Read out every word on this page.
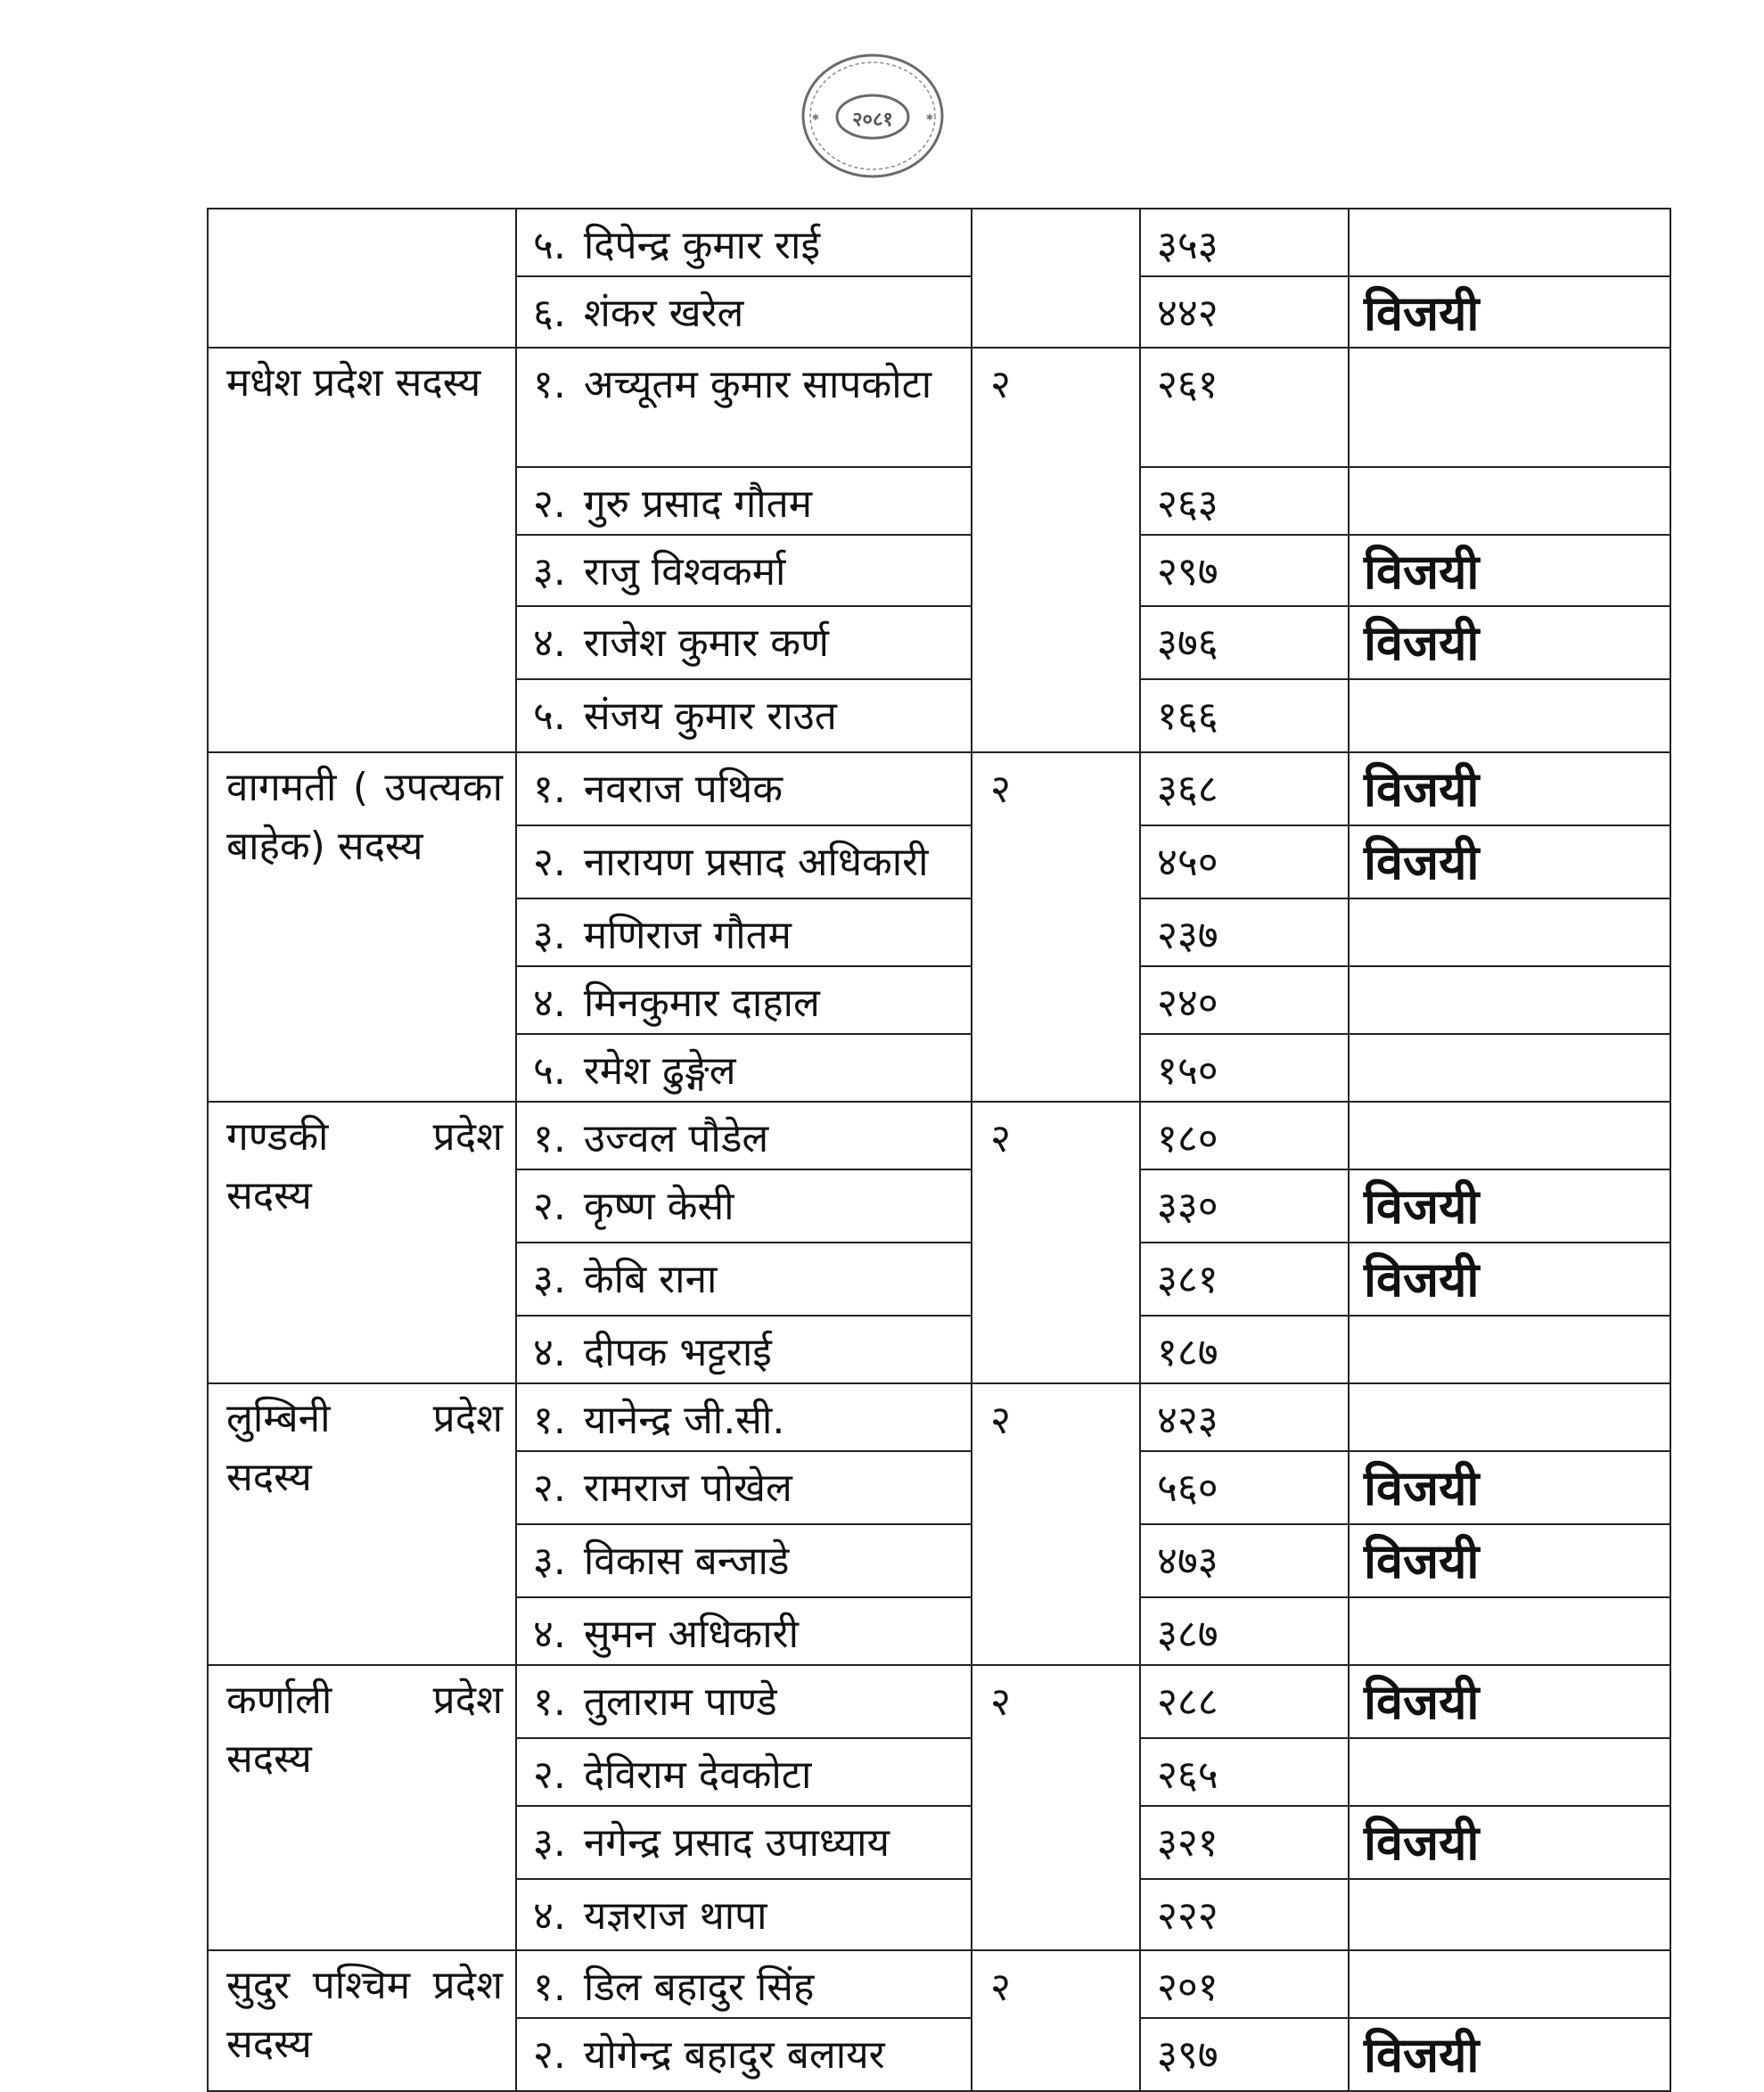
२०८१
✱	✱
	५. दिपेन्द्र कुमार राई		३५३	
	६. शंकर खरेल		४४२	विजयी

मधेश प्रदेश सदस्य	१. अच्यूतम कुमार सापकोटा	२	२६१	
	२. गुरु प्रसाद गौतम		२६३	
	३. राजु विश्वकर्मा		२९७	विजयी
	४. राजेश कुमार कर्ण		३७६	विजयी
	५. संजय कुमार राउत		१६६	

वागमती ( उपत्यका बाहेक) सदस्य	१. नवराज पथिक	२	३६८	विजयी
	२. नारायण प्रसाद अधिकारी		४५०	विजयी
	३. मणिराज गौतम		२३७	
	४. मिनकुमार दाहाल		२४०	
	५. रमेश ढुङ्गेल		१५०	

गण्डकी प्रदेश सदस्य	१. उज्वल पौडेल	२	१८०	
	२. कृष्ण केसी		३३०	विजयी
	३. केबि राना		३८१	विजयी
	४. दीपक भट्टराई		१८७	

लुम्बिनी प्रदेश सदस्य	१. यानेन्द्र जी.सी.	२	४२३	
	२. रामराज पोखेल		५६०	विजयी
	३. विकास बन्जाडे		४७३	विजयी
	४. सुमन अधिकारी		३८७	

कर्णाली प्रदेश सदस्य	१. तुलाराम पाण्डे	२	२८८	विजयी
	२. देविराम देवकोटा		२६५	
	३. नगेन्द्र प्रसाद उपाध्याय		३२१	विजयी
	४. यज्ञराज थापा		२२२	

सुदुर पश्चिम प्रदेश सदस्य	१. डिल बहादुर सिंह	२	२०१	
	२. योगेन्द्र बहादुर बलायर		३९७	विजयी
